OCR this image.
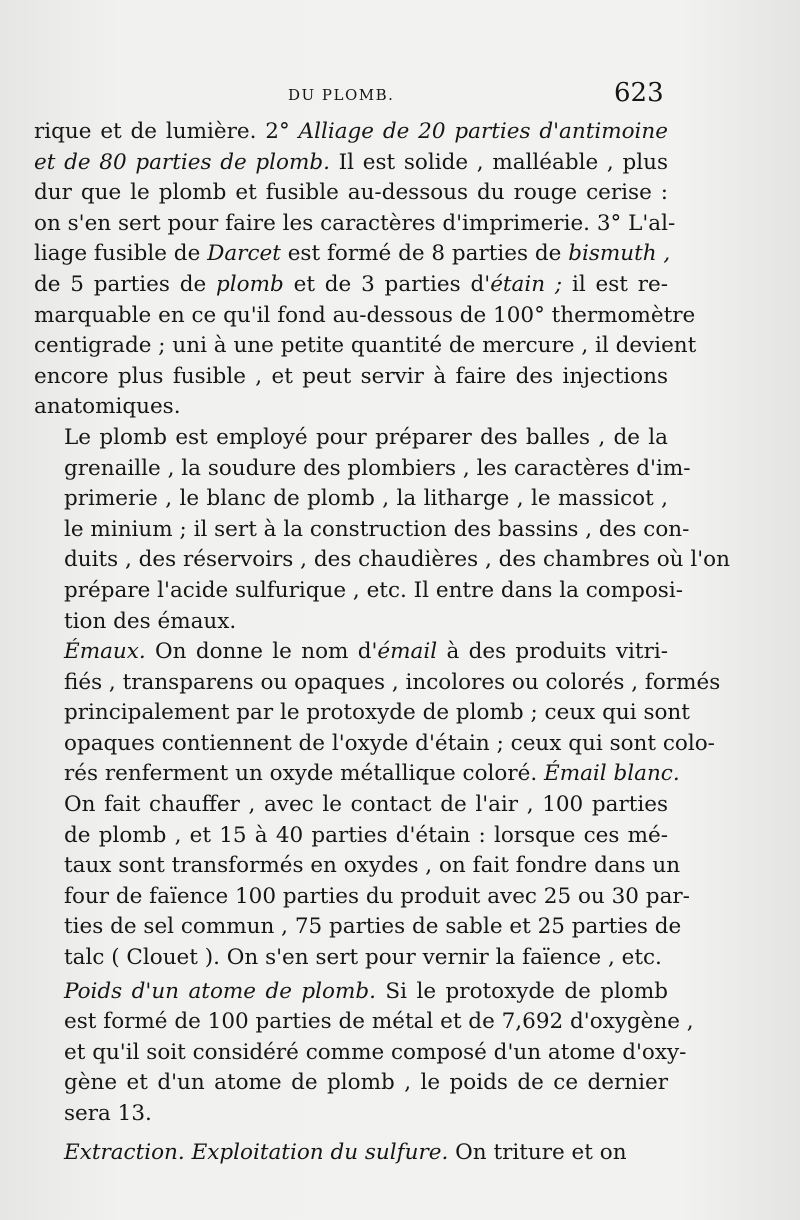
DU PLOMB.	623
rique et de lumière. 2° Alliage de 20 parties d'antimoine
et de 80 parties de plomb. Il est solide , malléable , plus
dur que le plomb et fusible au-dessous du rouge cerise :
on s'en sert pour faire les caractères d'imprimerie. 3° L'al-
liage fusible de Darcet est formé de 8 parties de bismuth ,
de 5 parties de plomb et de 3 parties d'étain ; il est re-
marquable en ce qu'il fond au-dessous de 100° thermomètre
centigrade ; uni à une petite quantité de mercure , il devient
encore plus fusible , et peut servir à faire des injections
anatomiques.
Le plomb est employé pour préparer des balles , de la
grenaille , la soudure des plombiers , les caractères d'im-
primerie , le blanc de plomb , la litharge , le massicot ,
le minium ; il sert à la construction des bassins , des con-
duits , des réservoirs , des chaudières , des chambres où l'on
prépare l'acide sulfurique , etc. Il entre dans la composi-
tion des émaux.
Émaux. On donne le nom d'émail à des produits vitri-
fiés , transparens ou opaques , incolores ou colorés , formés
principalement par le protoxyde de plomb ; ceux qui sont
opaques contiennent de l'oxyde d'étain ; ceux qui sont colo-
rés renferment un oxyde métallique coloré. Émail blanc.
On fait chauffer , avec le contact de l'air , 100 parties
de plomb , et 15 à 40 parties d'étain : lorsque ces mé-
taux sont transformés en oxydes , on fait fondre dans un
four de faïence 100 parties du produit avec 25 ou 30 par-
ties de sel commun , 75 parties de sable et 25 parties de
talc ( Clouet ). On s'en sert pour vernir la faïence , etc.
Poids d'un atome de plomb. Si le protoxyde de plomb
est formé de 100 parties de métal et de 7,692 d'oxygène ,
et qu'il soit considéré comme composé d'un atome d'oxy-
gène et d'un atome de plomb , le poids de ce dernier
sera 13.
Extraction. Exploitation du sulfure. On triture et on
